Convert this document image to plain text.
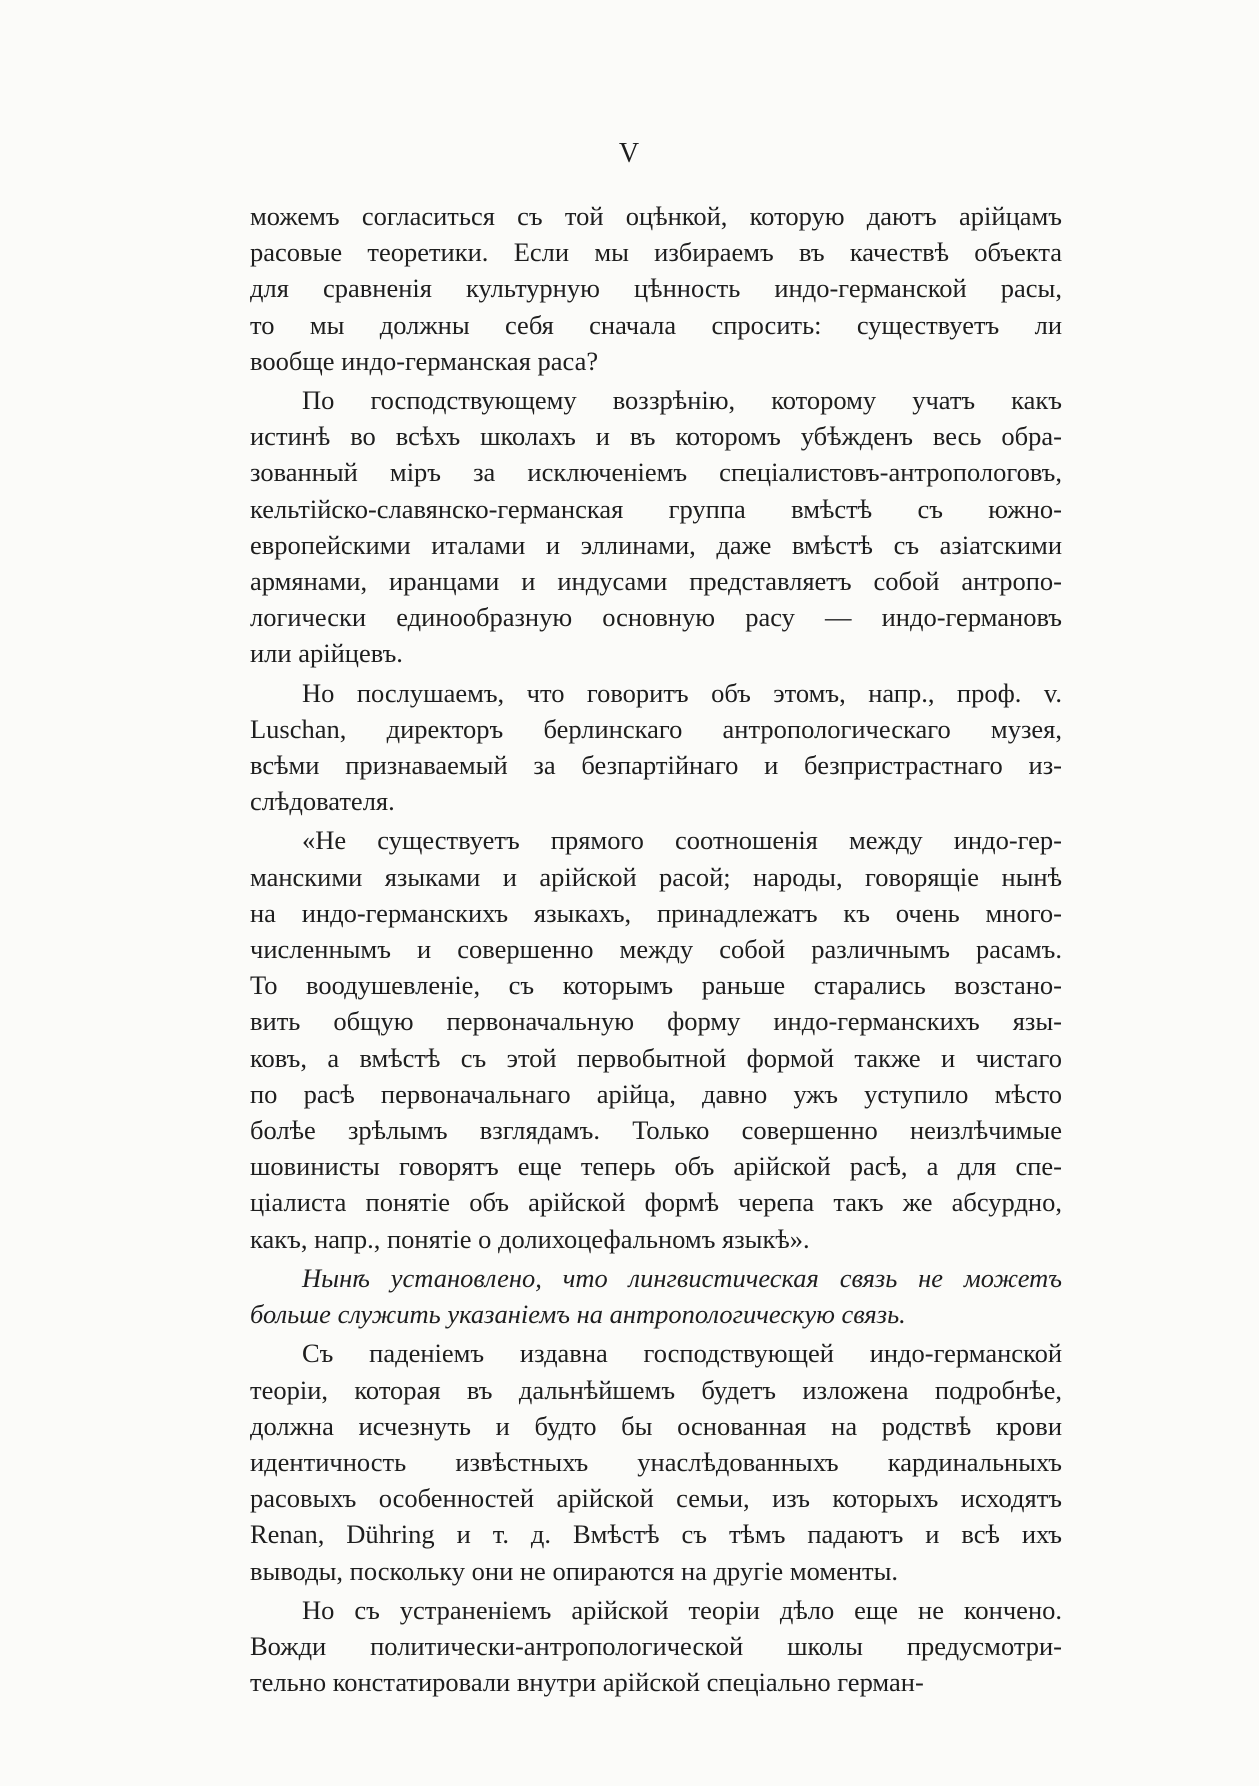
V

можемъ согласиться съ той оцѣнкой, которую даютъ арійцамъ
расовые теоретики. Если мы избираемъ въ качествѣ объекта
для сравненія культурную цѣнность индо-германской расы,
то мы должны себя сначала спросить: существуетъ ли
вообще индо-германская раса?

По господствующему воззрѣнію, которому учатъ какъ
истинѣ во всѣхъ школахъ и въ которомъ убѣжденъ весь обра-
зованный міръ за исключеніемъ спеціалистовъ-антропологовъ,
кельтійско-славянско-германская группа вмѣстѣ съ южно-
европейскими италами и эллинами, даже вмѣстѣ съ азіатскими
армянами, иранцами и индусами представляетъ собой антропо-
логически единообразную основную расу — индо-германовъ
или арійцевъ.

Но послушаемъ, что говоритъ объ этомъ, напр., проф. v.
Luschan, директоръ берлинскаго антропологическаго музея,
всѣми признаваемый за безпартійнаго и безпристрастнаго из-
слѣдователя.

«Не существуетъ прямого соотношенія между индо-гер-
манскими языками и арійской расой; народы, говорящіе нынѣ
на индо-германскихъ языкахъ, принадлежатъ къ очень много-
численнымъ и совершенно между собой различнымъ расамъ.
То воодушевленіе, съ которымъ раньше старались возстано-
вить общую первоначальную форму индо-германскихъ язы-
ковъ, а вмѣстѣ съ этой первобытной формой также и чистаго
по расѣ первоначальнаго арійца, давно ужъ уступило мѣсто
болѣе зрѣлымъ взглядамъ. Только совершенно неизлѣчимые
шовинисты говорятъ еще теперь объ арійской расѣ, а для спе-
ціалиста понятіе объ арійской формѣ черепа такъ же абсурдно,
какъ, напр., понятіе о долихоцефальномъ языкѣ».

Нынѣ установлено, что лингвистическая связь не можетъ
больше служить указаніемъ на антропологическую связь.

Съ паденіемъ издавна господствующей индо-германской
теоріи, которая въ дальнѣйшемъ будетъ изложена подробнѣе,
должна исчезнуть и будто бы основанная на родствѣ крови
идентичность извѣстныхъ унаслѣдованныхъ кардинальныхъ
расовыхъ особенностей арійской семьи, изъ которыхъ исходятъ
Renan, Dühring и т. д. Вмѣстѣ съ тѣмъ падаютъ и всѣ ихъ
выводы, поскольку они не опираются на другіе моменты.

Но съ устраненіемъ арійской теоріи дѣло еще не кончено.
Вожди политически-антропологической школы предусмотри-
тельно констатировали внутри арійской спеціально герман-
